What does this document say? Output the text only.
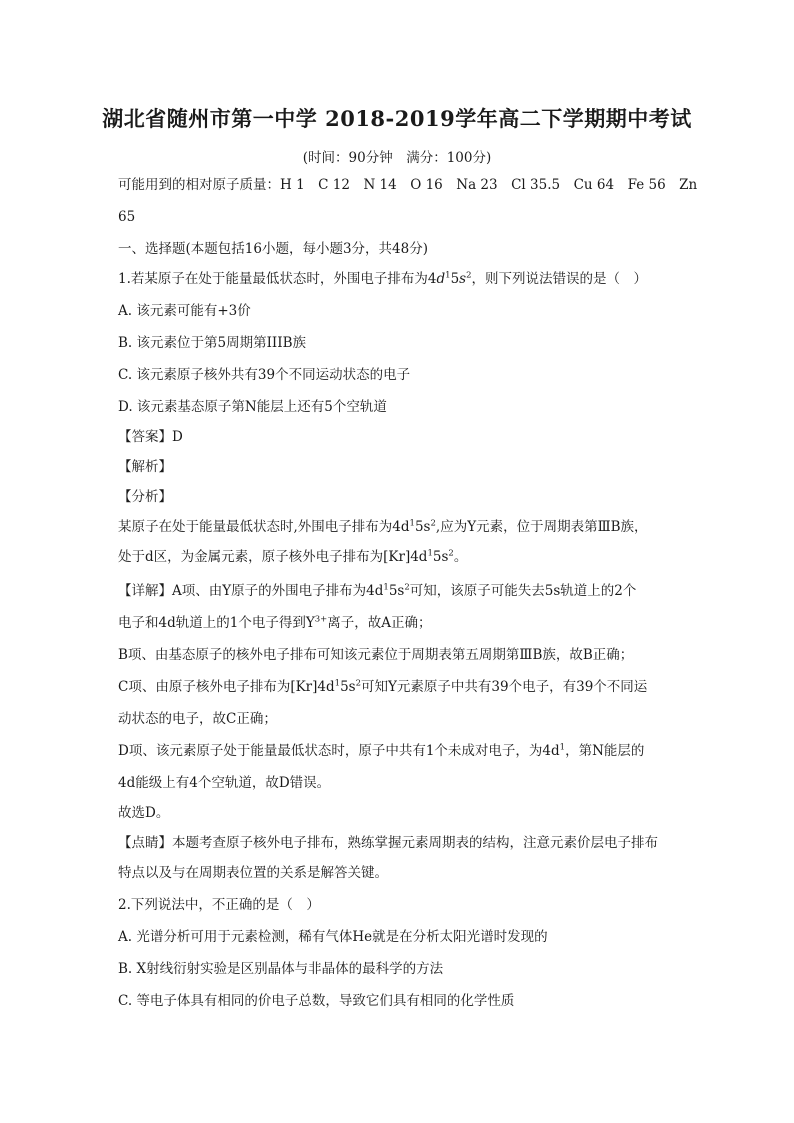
湖北省随州市第一中学 2018-2019学年高二下学期期中考试
(时间：90分钟　满分：100分)
可能用到的相对原子质量：H 1　C 12　N 14　O 16　Na 23　Cl 35.5　Cu 64　Fe 56　Zn
65
一、选择题(本题包括16小题，每小题3分，共48分)
1.若某原子在处于能量最低状态时，外围电子排布为$4d^15s^2$，则下列说法错误的是（　）
A. 该元素可能有+3价
B. 该元素位于第5周期第IIIB族
C. 该元素原子核外共有39个不同运动状态的电子
D. 该元素基态原子第N能层上还有5个空轨道
【答案】D
【解析】
【分析】
某原子在处于能量最低状态时,外围电子排布为$4d^15s^2$,应为Y元素，位于周期表第ⅢB族，
处于d区，为金属元素，原子核外电子排布为$[Kr]4d^15s^2$。
【详解】A项、由Y原子的外围电子排布为$4d^15s^2$可知，该原子可能失去5s轨道上的2个
电子和4d轨道上的1个电子得到$Y^{3+}$离子，故A正确；
B项、由基态原子的核外电子排布可知该元素位于周期表第五周期第ⅢB族，故B正确；
C项、由原子核外电子排布为$[Kr]4d^15s^2$可知Y元素原子中共有39个电子，有39个不同运
动状态的电子，故C正确；
D项、该元素原子处于能量最低状态时，原子中共有1个未成对电子，为$4d^1$，第N能层的
4d能级上有4个空轨道，故D错误。
故选D。
【点睛】本题考查原子核外电子排布，熟练掌握元素周期表的结构，注意元素价层电子排布
特点以及与在周期表位置的关系是解答关键。
2.下列说法中，不正确的是（　）
A. 光谱分析可用于元素检测，稀有气体He就是在分析太阳光谱时发现的
B. X射线衍射实验是区别晶体与非晶体的最科学的方法
C. 等电子体具有相同的价电子总数，导致它们具有相同的化学性质
